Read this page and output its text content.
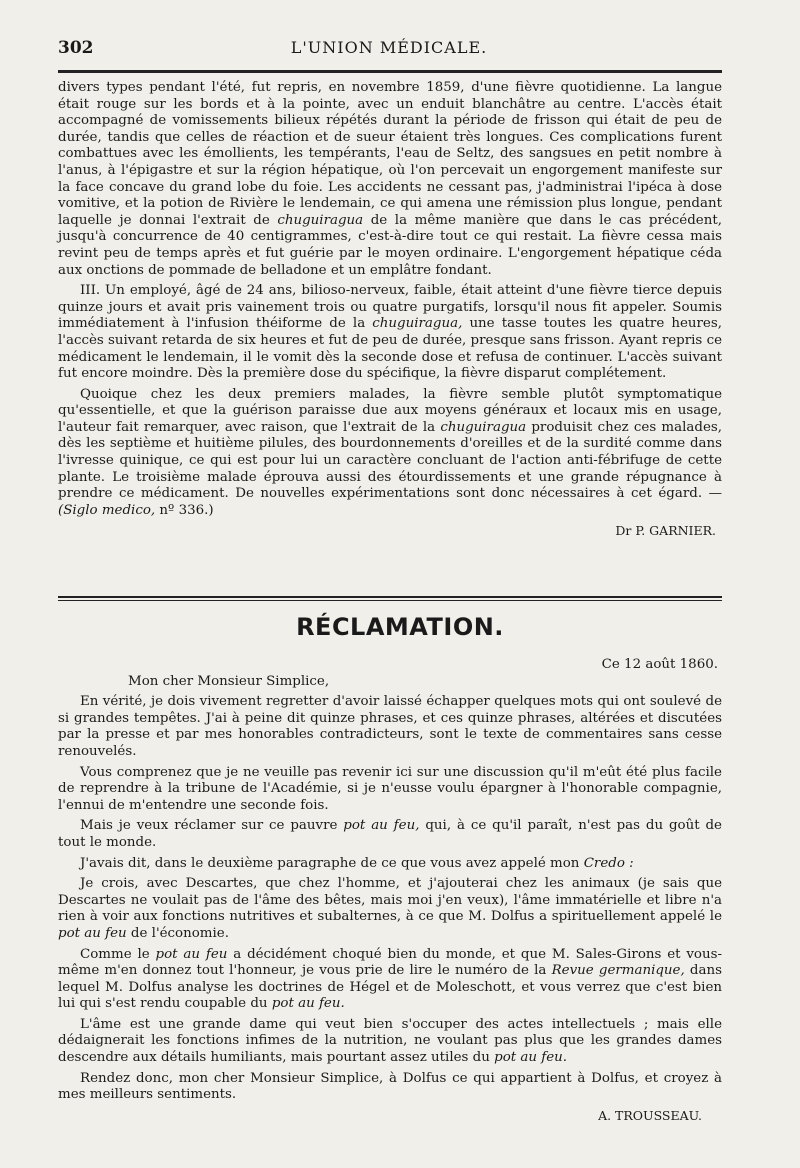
302	L'UNION MÉDICALE.

divers types pendant l'été, fut repris, en novembre 1859, d'une fièvre quotidienne. La langue était rouge sur les bords et à la pointe, avec un enduit blanchâtre au centre. L'accès était accompagné de vomissements bilieux répétés durant la période de frisson qui était de peu de durée, tandis que celles de réaction et de sueur étaient très longues. Ces complications furent combattues avec les émollients, les tempérants, l'eau de Seltz, des sangsues en petit nombre à l'anus, à l'épigastre et sur la région hépatique, où l'on percevait un engorgement manifeste sur la face concave du grand lobe du foie. Les accidents ne cessant pas, j'administrai l'ipéca à dose vomitive, et la potion de Rivière le lendemain, ce qui amena une rémission plus longue, pendant laquelle je donnai l'extrait de chuguiragua de la même manière que dans le cas précédent, jusqu'à concurrence de 40 centigrammes, c'est-à-dire tout ce qui restait. La fièvre cessa mais revint peu de temps après et fut guérie par le moyen ordinaire. L'engorgement hépatique céda aux onctions de pommade de belladone et un emplâtre fondant.

III. Un employé, âgé de 24 ans, bilioso-nerveux, faible, était atteint d'une fièvre tierce depuis quinze jours et avait pris vainement trois ou quatre purgatifs, lorsqu'il nous fit appeler. Soumis immédiatement à l'infusion théiforme de la chuguiragua, une tasse toutes les quatre heures, l'accès suivant retarda de six heures et fut de peu de durée, presque sans frisson. Ayant repris ce médicament le lendemain, il le vomit dès la seconde dose et refusa de continuer. L'accès suivant fut encore moindre. Dès la première dose du spécifique, la fièvre disparut complétement.

Quoique chez les deux premiers malades, la fièvre semble plutôt symptomatique qu'essentielle, et que la guérison paraisse due aux moyens généraux et locaux mis en usage, l'auteur fait remarquer, avec raison, que l'extrait de la chuguiragua produisit chez ces malades, dès les septième et huitième pilules, des bourdonnements d'oreilles et de la surdité comme dans l'ivresse quinique, ce qui est pour lui un caractère concluant de l'action anti-fébrifuge de cette plante. Le troisième malade éprouva aussi des étourdissements et une grande répugnance à prendre ce médicament. De nouvelles expérimentations sont donc nécessaires à cet égard. — (Siglo medico, nº 336.)

Dr P. GARNIER.
RÉCLAMATION.
Ce 12 août 1860.

Mon cher Monsieur Simplice,

En vérité, je dois vivement regretter d'avoir laissé échapper quelques mots qui ont soulevé de si grandes tempêtes. J'ai à peine dit quinze phrases, et ces quinze phrases, altérées et discutées par la presse et par mes honorables contradicteurs, sont le texte de commentaires sans cesse renouvelés.

Vous comprenez que je ne veuille pas revenir ici sur une discussion qu'il m'eût été plus facile de reprendre à la tribune de l'Académie, si je n'eusse voulu épargner à l'honorable compagnie, l'ennui de m'entendre une seconde fois.

Mais je veux réclamer sur ce pauvre pot au feu, qui, à ce qu'il paraît, n'est pas du goût de tout le monde.

J'avais dit, dans le deuxième paragraphe de ce que vous avez appelé mon Credo :

Je crois, avec Descartes, que chez l'homme, et j'ajouterai chez les animaux (je sais que Descartes ne voulait pas de l'âme des bêtes, mais moi j'en veux), l'âme immatérielle et libre n'a rien à voir aux fonctions nutritives et subalternes, à ce que M. Dolfus a spirituellement appelé le pot au feu de l'économie.

Comme le pot au feu a décidément choqué bien du monde, et que M. Sales-Girons et vous-même m'en donnez tout l'honneur, je vous prie de lire le numéro de la Revue germanique, dans lequel M. Dolfus analyse les doctrines de Hégel et de Moleschott, et vous verrez que c'est bien lui qui s'est rendu coupable du pot au feu.

L'âme est une grande dame qui veut bien s'occuper des actes intellectuels ; mais elle dédaignerait les fonctions infimes de la nutrition, ne voulant pas plus que les grandes dames descendre aux détails humiliants, mais pourtant assez utiles du pot au feu.

Rendez donc, mon cher Monsieur Simplice, à Dolfus ce qui appartient à Dolfus, et croyez à mes meilleurs sentiments.

A. TROUSSEAU.
